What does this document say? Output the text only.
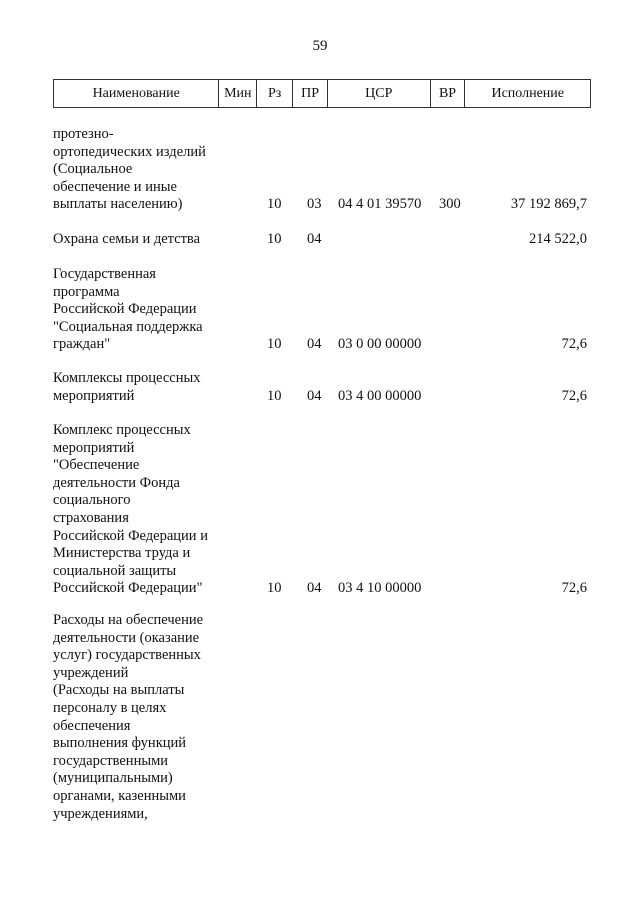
59
Наименование	Мин	Рз	ПР	ЦСР	ВР	Исполнение
протезно-
ортопедических изделий
(Социальное
обеспечение и иные
выплаты населению)	10 03 04 4 01 39570 300	37 192 869,7
Охрана семьи и детства	10 04	214 522,0
Государственная
программа
Российской Федерации
"Социальная поддержка
граждан"	10 04 03 0 00 00000	72,6
Комплексы процессных
мероприятий	10 04 03 4 00 00000	72,6
Комплекс процессных
мероприятий
"Обеспечение
деятельности Фонда
социального
страхования
Российской Федерации и
Министерства труда и
социальной защиты
Российской Федерации"	10 04 03 4 10 00000	72,6
Расходы на обеспечение
деятельности (оказание
услуг) государственных
учреждений
(Расходы на выплаты
персоналу в целях
обеспечения
выполнения функций
государственными
(муниципальными)
органами, казенными
учреждениями,
